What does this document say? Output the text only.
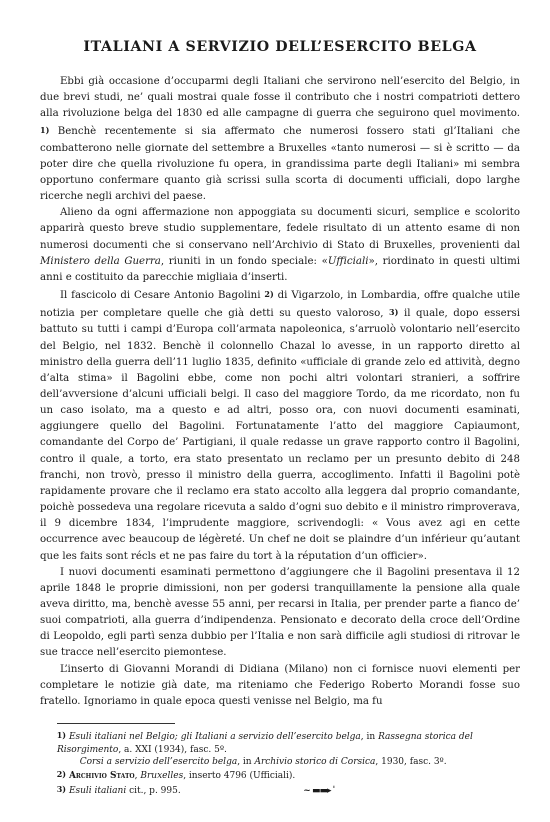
ITALIANI A SERVIZIO DELL’ESERCITO BELGA

Ebbi già occasione d’occuparmi degli Italiani che servirono nell’esercito del Belgio, in due brevi studi, ne’ quali mostrai quale fosse il contributo che i nostri compatrioti dettero alla rivoluzione belga del 1830 ed alle campagne di guerra che seguirono quel movimento. 1) Benchè recentemente si sia affermato che numerosi fossero stati gl’Italiani che combatterono nelle giornate del settembre a Bruxelles «tanto numerosi — si è scritto — da poter dire che quella rivoluzione fu opera, in grandissima parte degli Italiani» mi sembra opportuno confermare quanto già scrissi sulla scorta di documenti ufficiali, dopo larghe ricerche negli archivi del paese.

Alieno da ogni affermazione non appoggiata su documenti sicuri, semplice e scolorito apparirà questo breve studio supplementare, fedele risultato di un attento esame di non numerosi documenti che si conservano nell’Archivio di Stato di Bruxelles, provenienti dal Ministero della Guerra, riuniti in un fondo speciale: «Ufficiali», riordinato in questi ultimi anni e costituito da parecchie migliaia d’inserti.

Il fascicolo di Cesare Antonio Bagolini 2) di Vigarzolo, in Lombardia, offre qualche utile notizia per completare quelle che già detti su questo valoroso, 3) il quale, dopo essersi battuto su tutti i campi d’Europa coll’armata napoleonica, s’arruolò volontario nell’esercito del Belgio, nel 1832. Benchè il colonnello Chazal lo avesse, in un rapporto diretto al ministro della guerra dell’11 luglio 1835, definito «ufficiale di grande zelo ed attività, degno d’alta stima» il Bagolini ebbe, come non pochi altri volontari stranieri, a soffrire dell’avversione d’alcuni ufficiali belgi. Il caso del maggiore Tordo, da me ricordato, non fu un caso isolato, ma a questo e ad altri, posso ora, con nuovi documenti esaminati, aggiungere quello del Bagolini. Fortunatamente l’atto del maggiore Capiaumont, comandante del Corpo de’ Partigiani, il quale redasse un grave rapporto contro il Bagolini, contro il quale, a torto, era stato presentato un reclamo per un presunto debito di 248 franchi, non trovò, presso il ministro della guerra, accoglimento. Infatti il Bagolini potè rapidamente provare che il reclamo era stato accolto alla leggera dal proprio comandante, poichè possedeva una regolare ricevuta a saldo d’ogni suo debito e il ministro rimproverava, il 9 dicembre 1834, l’imprudente maggiore, scrivendogli: « Vous avez agi en cette occurrence avec beaucoup de légèreté. Un chef ne doit se plaindre d’un inférieur qu’autant que les faits sont récls et ne pas faire du tort à la réputation d’un officier».

I nuovi documenti esaminati permettono d’aggiungere che il Bagolini presentava il 12 aprile 1848 le proprie dimissioni, non per godersi tranquillamente la pensione alla quale aveva diritto, ma, benchè avesse 55 anni, per recarsi in Italia, per prender parte a fianco de’ suoi compatrioti, alla guerra d’indipendenza. Pensionato e decorato della croce dell’Ordine di Leopoldo, egli partì senza dubbio per l’Italia e non sarà difficile agli studiosi di ritrovar le sue tracce nell’esercito piemontese.

L’inserto di Giovanni Morandi di Didiana (Milano) non ci fornisce nuovi elementi per completare le notizie già date, ma riteniamo che Federigo Roberto Morandi fosse suo fratello. Ignoriamo in quale epoca questi venisse nel Belgio, ma fu

1) Esuli italiani nel Belgio; gli Italiani a servizio dell’esercito belga, in Rassegna storica del Risorgimento, a. XXI (1934), fasc. 5º.

Corsi a servizio dell’esercito belga, in Archivio storico di Corsica, 1930, fasc. 3º.

2) Archivio Stato, Bruxelles, inserto 4796 (Ufficiali).

3) Esuli italiani cit., p. 995.	~ ▬▬▸ ˈ
